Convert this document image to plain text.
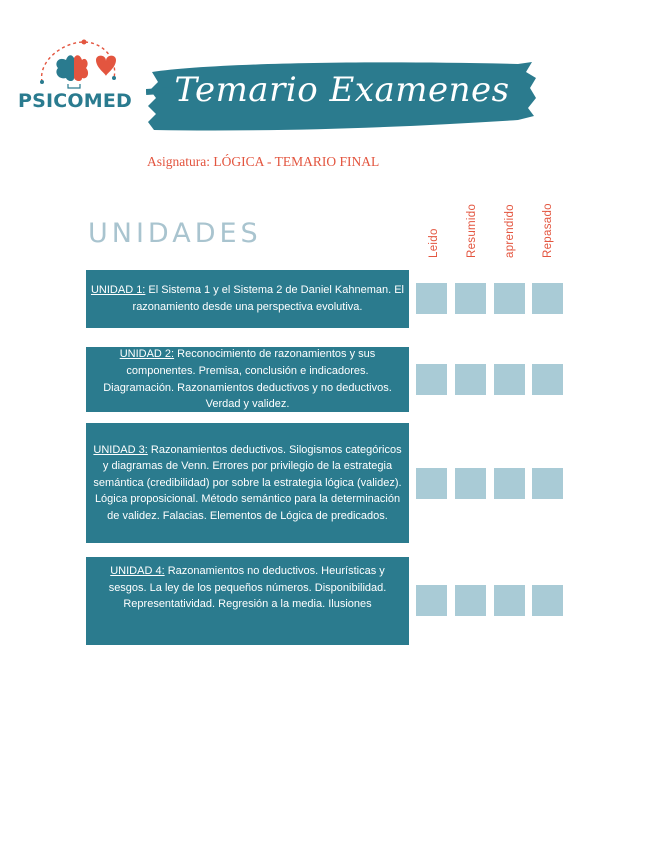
PSICOMED	Temario Examenes
Asignatura: LÓGICA - TEMARIO FINAL
UNIDADES	Leido Resumido aprendido Repasado

UNIDAD 1: El Sistema 1 y el Sistema 2 de Daniel Kahneman. El razonamiento desde una perspectiva evolutiva.

UNIDAD 2: Reconocimiento de razonamientos y sus componentes. Premisa, conclusión e indicadores. Diagramación. Razonamientos deductivos y no deductivos. Verdad y validez.

UNIDAD 3: Razonamientos deductivos. Silogismos categóricos y diagramas de Venn. Errores por privilegio de la estrategia semántica (credibilidad) por sobre la estrategia lógica (validez). Lógica proposicional. Método semántico para la determinación de validez. Falacias. Elementos de Lógica de predicados.

UNIDAD 4: Razonamientos no deductivos. Heurísticas y sesgos. La ley de los pequeños números. Disponibilidad. Representatividad. Regresión a la media. Ilusiones
